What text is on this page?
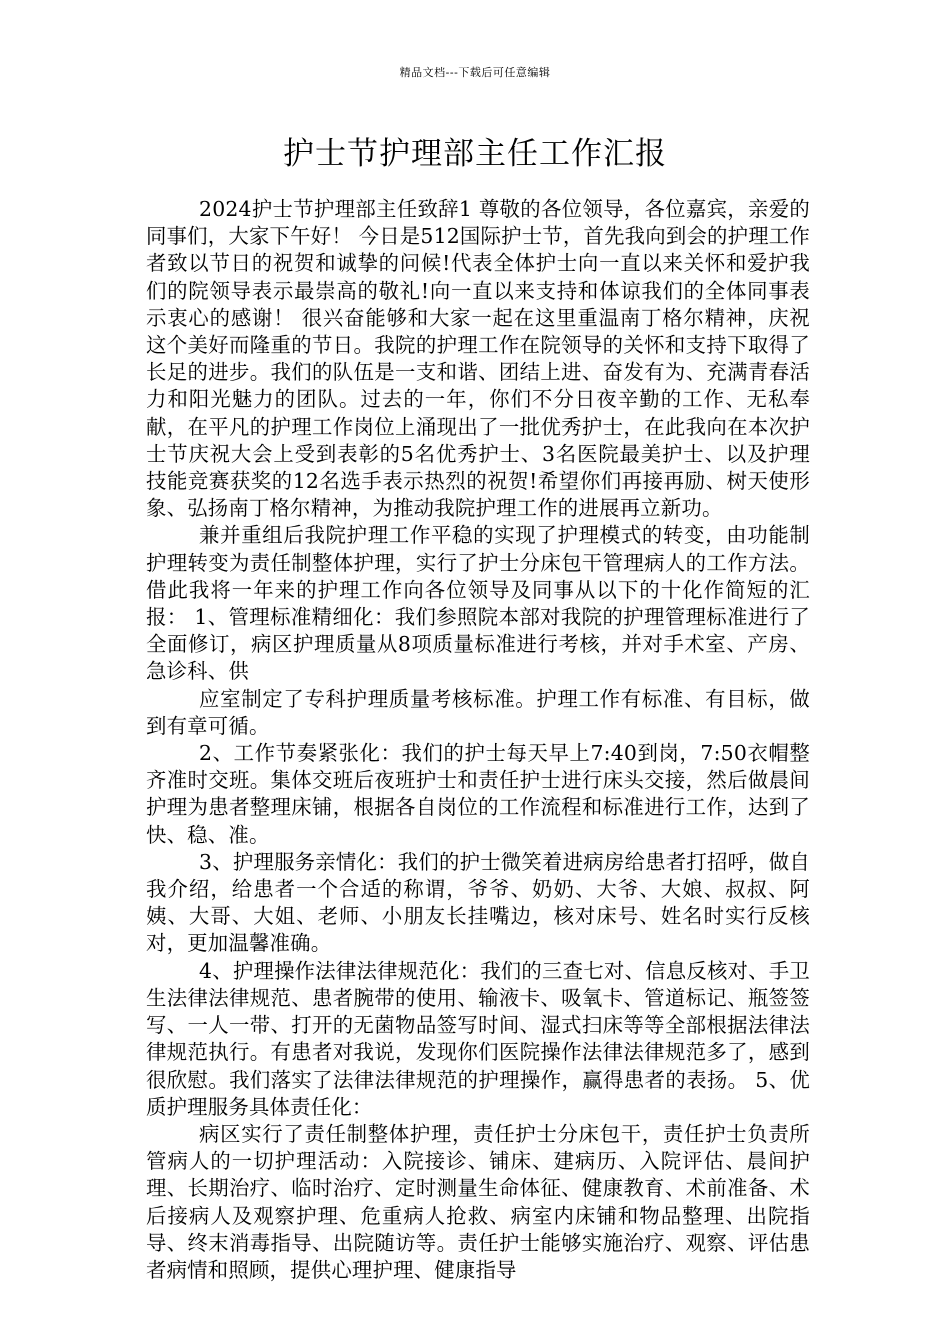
精品文档---下载后可任意编辑
护士节护理部主任工作汇报

2024护士节护理部主任致辞1 尊敬的各位领导，各位嘉宾，亲爱的同事们，大家下午好！ 今日是512国际护士节，首先我向到会的护理工作者致以节日的祝贺和诚挚的问候!代表全体护士向一直以来关怀和爱护我们的院领导表示最崇高的敬礼!向一直以来支持和体谅我们的全体同事表示衷心的感谢！ 很兴奋能够和大家一起在这里重温南丁格尔精神，庆祝这个美好而隆重的节日。我院的护理工作在院领导的关怀和支持下取得了长足的进步。我们的队伍是一支和谐、团结上进、奋发有为、充满青春活力和阳光魅力的团队。过去的一年，你们不分日夜辛勤的工作、无私奉献，在平凡的护理工作岗位上涌现出了一批优秀护士，在此我向在本次护士节庆祝大会上受到表彰的5名优秀护士、3名医院最美护士、以及护理技能竞赛获奖的12名选手表示热烈的祝贺!希望你们再接再励、树天使形象、弘扬南丁格尔精神，为推动我院护理工作的进展再立新功。

兼并重组后我院护理工作平稳的实现了护理模式的转变，由功能制护理转变为责任制整体护理，实行了护士分床包干管理病人的工作方法。借此我将一年来的护理工作向各位领导及同事从以下的十化作简短的汇报： 1、管理标准精细化：我们参照院本部对我院的护理管理标准进行了全面修订，病区护理质量从8项质量标准进行考核，并对手术室、产房、急诊科、供

应室制定了专科护理质量考核标准。护理工作有标准、有目标，做到有章可循。

2、工作节奏紧张化：我们的护士每天早上7:40到岗，7:50衣帽整齐准时交班。集体交班后夜班护士和责任护士进行床头交接，然后做晨间护理为患者整理床铺，根据各自岗位的工作流程和标准进行工作，达到了快、稳、准。

3、护理服务亲情化：我们的护士微笑着进病房给患者打招呼，做自我介绍，给患者一个合适的称谓，爷爷、奶奶、大爷、大娘、叔叔、阿姨、大哥、大姐、老师、小朋友长挂嘴边，核对床号、姓名时实行反核对，更加温馨准确。

4、护理操作法律法律规范化：我们的三查七对、信息反核对、手卫生法律法律规范、患者腕带的使用、输液卡、吸氧卡、管道标记、瓶签签写、一人一带、打开的无菌物品签写时间、湿式扫床等等全部根据法律法律规范执行。有患者对我说，发现你们医院操作法律法律规范多了，感到很欣慰。我们落实了法律法律规范的护理操作，赢得患者的表扬。 5、优质护理服务具体责任化：

病区实行了责任制整体护理，责任护士分床包干，责任护士负责所管病人的一切护理活动：入院接诊、铺床、建病历、入院评估、晨间护理、长期治疗、临时治疗、定时测量生命体征、健康教育、术前准备、术后接病人及观察护理、危重病人抢救、病室内床铺和物品整理、出院指导、终末消毒指导、出院随访等。责任护士能够实施治疗、观察、评估患者病情和照顾，提供心理护理、健康指导
